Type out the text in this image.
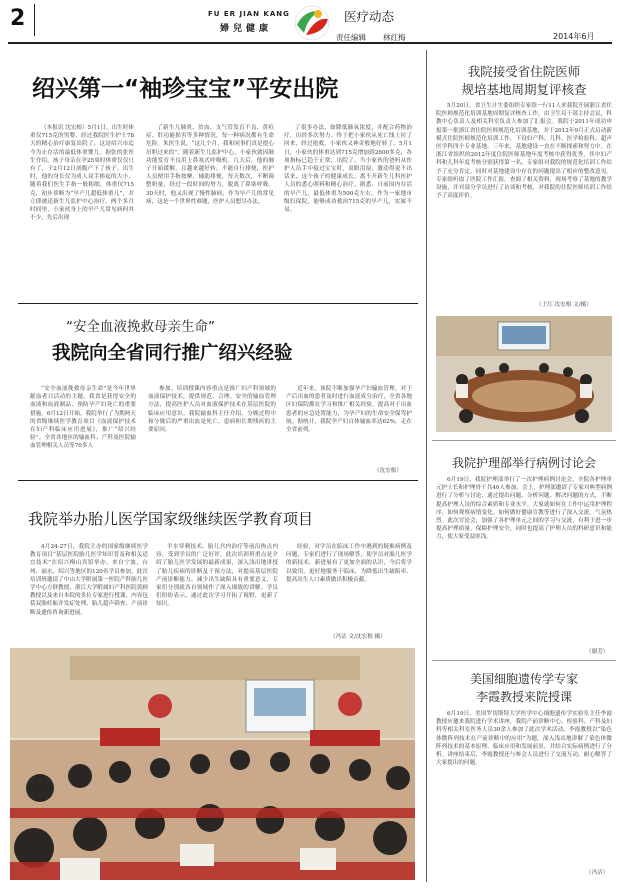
2	FU ER JIAN KANG
婦兒健康
医疗动态
责任编辑 林红梅	2014年6月
绍兴第一“袖珍宝宝”平安出院

（本报讯 沈宏根）5月1日，出生时体重仅715克的男婴，经过我院医生护士78天的精心治疗康复出院了。这是绍兴市迄今为止存活的最低体重婴儿。据张的张医生介绍，孩子母亲在孕25周时体重仅仅只有了，于2月12日剖腹产下了孩子。出生时，他的身长仅为成人双手捧起的大小，随着我们医生手指一般粗细，体重仅715克，初步诊断为“早产儿超低体重儿”，并立即被送新生儿监护中心治疗。两个多月时间里，小家伙身上的早产儿常见病何其不少，先后出现

了新生儿肺炎、贫血、支气管发育不良、黄疸症、肝功能损害等多种情况，每一种病况都有生命危险。朱医生说，“这几个月，我和同事们真是提心吊胆过来的”。随着新生儿监护中心，小家伙就因肺功能发育不良用上鼻塞式呼吸机。几天后，他的肺子开始缓解，且越来越好转，不能自行排便，医护人员便用手指按摩，辅助排便，每天数次，不断调整奶量，经过一段时间的努力，脱离了鼻塞呼吸。30天时，他又出现了慢性肺病，作为早产儿的常见病，这是一个世界性难题，医护人员想尽办法，

了很多办法，如降低肺氧浓度，并配合药物治疗，历经多次努力。终于把小家伙从死亡线上拉了回来，经过抢救，小家伙又神奇般地好转了。5月1日，小家伙的体重达到715克增加到2600多克，各项指标已趋于正常，出院了。当小家伙的爸妈从医护人员手中接过宝宝时，双眼泪湿，激动得说不出话来，这个孩子的健康成长，离不开新生儿科医护人员的悉心照料和精心治疗。据悉，日前国内存活的早产儿，最低体重为500克左右。作为一家地市级妇保院，能够成功救治715克的早产儿，实属不易。

“安全血液挽救母亲生命”
我院向全省同行推广绍兴经验

“安全血液挽救母亲生命”是今年世界献血者日活动的主题。我省是获得安全的血液和血液制品，预防孕产妇死亡的重要措施。6月12日开始，我院举行了为期两天的省级继续医学教育项目《血液保护技术在妇产科临床应用进展》，推广“绍兴经验”。全省各地区的输血科、产科及医院输血管理相关人员等70多人

参加。培训授课内容重点是推广妇产科领域的血液保护技术，提供规范、合理、安全的输血管理方法，提高医护人员对血液保护技术在基层医院的临床应用意识。我院输血科主任介绍，分娩过程中和分娩后的严重出血是死亡、患病和长期残疾的主要原因。

近年来，该院不断加强孕产妇输血管理，对于产后出血的患者及时进行血液成分治疗，全省各地区妇保院都在学习和推广相关经验，提高对于出血患者的应急处置能力，为孕产妇的生命安全保驾护航。据统计，我院孕产妇自体输血率达62%，走在全省前列。

（沈宏根）
我院举办胎儿医学国家级继续医学教育项目

4月24-27日，我院主办的国家级继续医学教育项目“基层医院胎儿医学知识普及和相关适宜技术”在绍兴梅山宾馆举办，来自宁波、台州、丽水、绍兴等地区的120名学员参加。此次培训班邀请了中山大学附属第一医院产科胎儿医学中心方群教授，浙江大学附属妇产科医院黄顾教授以及来自本院的多位专家进行授课，内容包括双胎妊娠并发症处理、胎儿超声筛查、产前诊断及遗传咨询新进展，

羊水穿刺技术、胎儿宫内治疗等前沿热点内容，受到学员的广泛好评。此次培训班重点是介绍了胎儿医学发展的最新成果，深入浅出地讲授了胎儿疾病的诊断及干预方法，对提高基层医院产前诊断能力、减少出生缺陷具有重要意义，专家们分别就各自领域作了深入细致的讲解。学员们纷纷表示，通过此次学习开拓了视野，更新了知识。

经验，对学员在临床工作中遇到的疑难病例及问题，专家们进行了现场解答，使学员对胎儿医学的新技术、新进展有了更加全面的认识，今后将学以致用，更好地服务于临床，为降低出生缺陷率、提高出生人口素质做出积极贡献。

（冯洁 文/沈宏根 摄）
我院接受省住院医师
规培基地周期复评核查

5月20日，省卫生计生委组织专家组一行11人来我院开展浙江省住院医师规范化培训基地周期复评核查工作。由卫生局干部主持会议，科教中心负责人及相关科室负责人参加了汇报会。我院于2011年成功申报第一批浙江省住院医师规范化培训基地，并于2012年9月正式启动新模式住院医师规范化培训工作，下设妇产科、儿科、医学检验科、超声医学科四个专业基地，三年来，基地建设一直在不断探索和努力中。在浙江省组织的2012年度住院医师基地年度考核中获得优秀，其中妇产科和儿科年度考核分别获得第一名。专家组对我院的规范化培训工作给予了充分肯定，同时对基地建设中存在的问题提出了相应的整改意见。专家组听取了医院工作汇报，查阅了相关资料，现场考察了基地的教学设施，并对部分学员进行了访谈和考核，对我院的住院医师培训工作给予了高度评价。

（王红 沈宏根 文/摄）
我院护理部举行病例讨论会

6月19日，我院护理部举行了一次护理病例讨论会，全院各护理单元护士长和护理骨干共40人参加。会上，护理部邀请了专家对典型病例进行了分析与讨论，通过提出问题、分析问题、解决问题的方式，不断提高护理人员的综合素质和专业水平。大家就如何在工作中运用护理程序、如何观察病情变化、如何做好健康宣教等进行了深入交流，气氛热烈。此次讨论会，加强了各护理单元之间的学习与交流，有利于进一步提高护理质量，保障护理安全，同时也提高了护理人员的科研意识和能力，使大家受益匪浅。

（谢芳）
美国细胞遗传学专家
李霞教授来院授课

6月19日，美国罗切斯特大学医学中心细胞遗传学实验室主任李霞教授应邀来我院进行学术讲座，我院产前诊断中心、检验科、产科及妇科等相关科室医务人员30余人参加了此次学术活动。李霞教授以“染色体微阵列技术在产前诊断中的应用”为题，深入浅出地讲解了染色体微阵列技术的基本原理、临床应用和发展前景，并结合实际病例进行了分析。讲座结束后，李霞教授还与参会人员进行了交流互动，耐心解答了大家提出的问题。

（冯洁）
